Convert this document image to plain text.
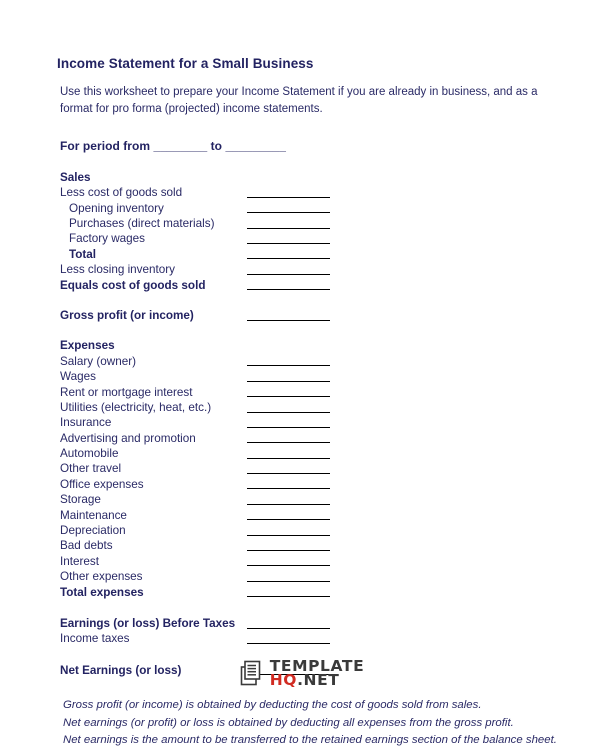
Income Statement for a Small Business

Use this worksheet to prepare your Income Statement if you are already in business, and as a format for pro forma (projected) income statements.

For period from ________ to _________

Sales
Less cost of goods sold
Opening inventory
Purchases (direct materials)
Factory wages
Total
Less closing inventory
Equals cost of goods sold
Gross profit (or income)
Expenses
Salary (owner)
Wages
Rent or mortgage interest
Utilities (electricity, heat, etc.)
Insurance
Advertising and promotion
Automobile
Other travel
Office expenses
Storage
Maintenance
Depreciation
Bad debts
Interest
Other expenses
Total expenses
Earnings (or loss) Before Taxes
Income taxes
Net Earnings (or loss)
Gross profit (or income) is obtained by deducting the cost of goods sold from sales.
Net earnings (or profit) or loss is obtained by deducting all expenses from the gross profit.
Net earnings is the amount to be transferred to the retained earnings section of the balance sheet.
TEMPLATE
HQ.NET
